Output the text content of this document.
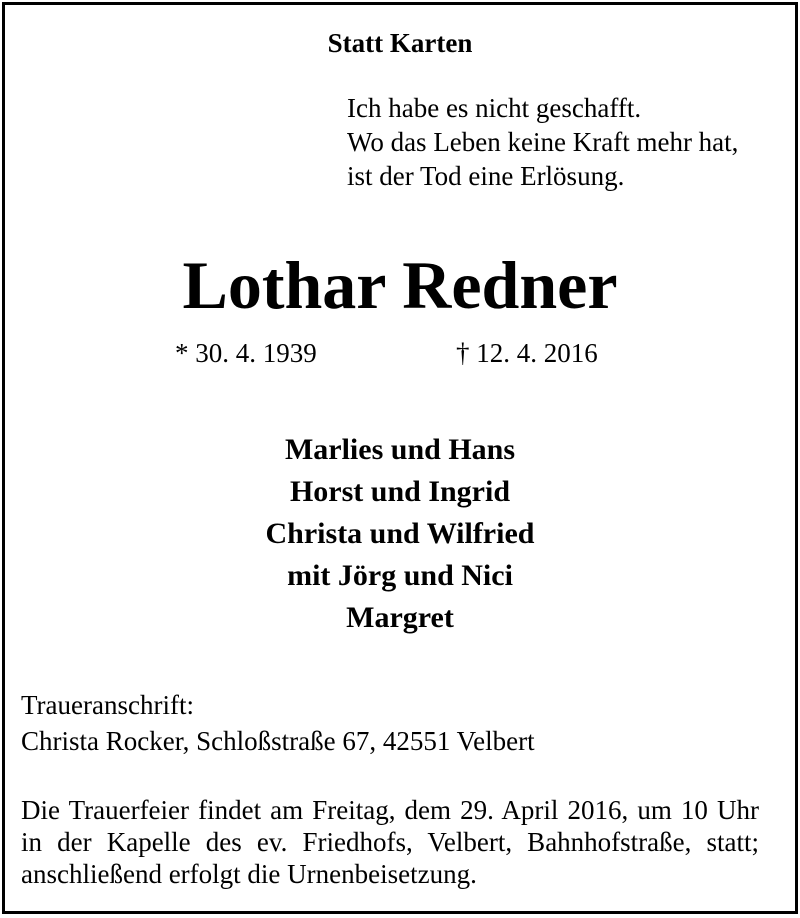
Statt Karten
Ich habe es nicht geschafft.
Wo das Leben keine Kraft mehr hat,
ist der Tod eine Erlösung.
Lothar Redner
* 30. 4. 1939	† 12. 4. 2016
Marlies und Hans
Horst und Ingrid
Christa und Wilfried
mit Jörg und Nici
Margret
Traueranschrift:
Christa Rocker, Schloßstraße 67, 42551 Velbert
Die Trauerfeier findet am Freitag, dem 29. April 2016, um 10 Uhr in der Kapelle des ev. Friedhofs, Velbert, Bahnhofstraße, statt; anschließend erfolgt die Urnenbeisetzung.
